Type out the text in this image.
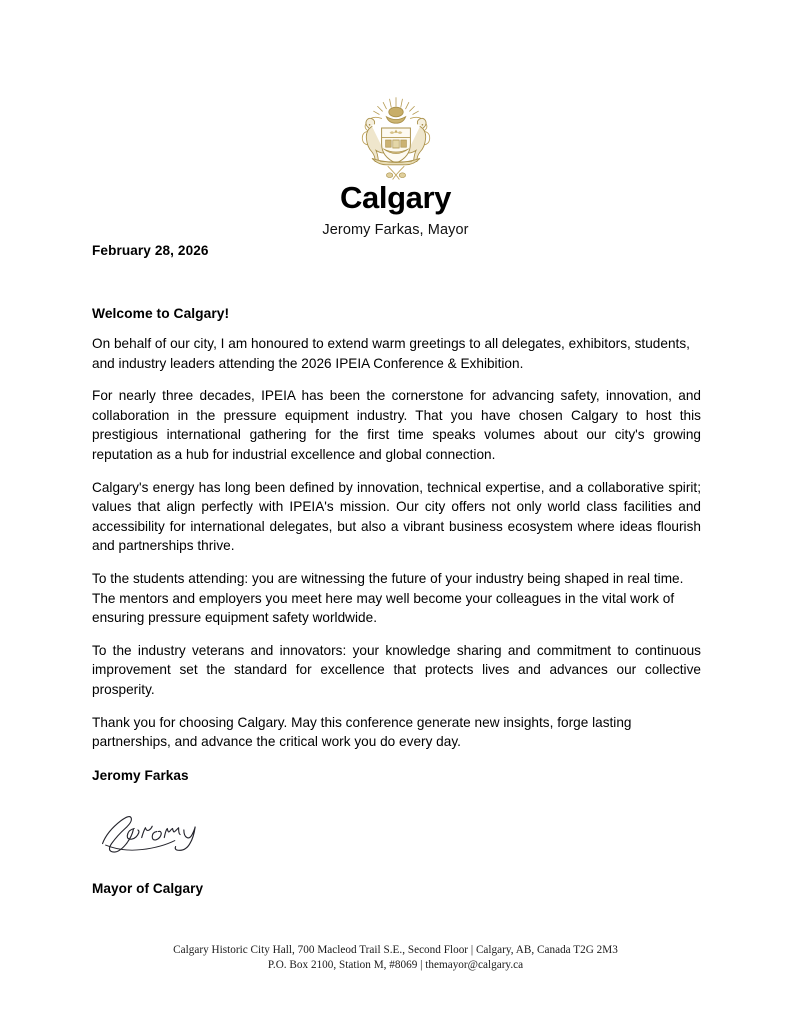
Calgary
Jeromy Farkas, Mayor
February 28, 2026
Welcome to Calgary!

On behalf of our city, I am honoured to extend warm greetings to all delegates, exhibitors, students, and industry leaders attending the 2026 IPEIA Conference & Exhibition.

For nearly three decades, IPEIA has been the cornerstone for advancing safety, innovation, and collaboration in the pressure equipment industry. That you have chosen Calgary to host this prestigious international gathering for the first time speaks volumes about our city's growing reputation as a hub for industrial excellence and global connection.

Calgary's energy has long been defined by innovation, technical expertise, and a collaborative spirit; values that align perfectly with IPEIA's mission. Our city offers not only world class facilities and accessibility for international delegates, but also a vibrant business ecosystem where ideas flourish and partnerships thrive.

To the students attending: you are witnessing the future of your industry being shaped in real time. The mentors and employers you meet here may well become your colleagues in the vital work of ensuring pressure equipment safety worldwide.

To the industry veterans and innovators: your knowledge sharing and commitment to continuous improvement set the standard for excellence that protects lives and advances our collective prosperity.

Thank you for choosing Calgary. May this conference generate new insights, forge lasting partnerships, and advance the critical work you do every day.

Jeromy Farkas
Mayor of Calgary
Calgary Historic City Hall, 700 Macleod Trail S.E., Second Floor | Calgary, AB, Canada T2G 2M3
P.O. Box 2100, Station M, #8069 | themayor@calgary.ca
